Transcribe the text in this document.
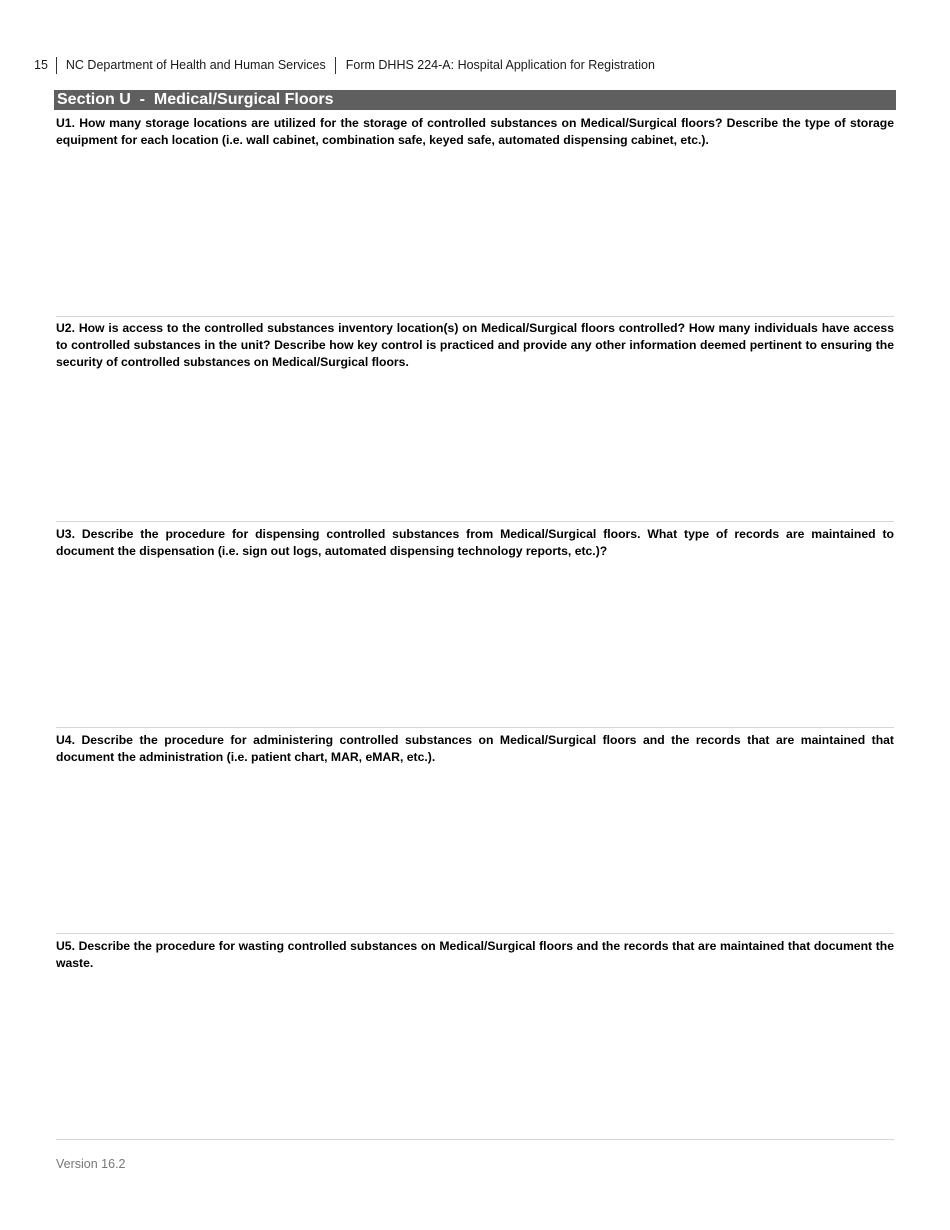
15 NC Department of Health and Human Services Form DHHS 224-A: Hospital Application for Registration
Section U  -  Medical/Surgical Floors
U1. How many storage locations are utilized for the storage of controlled substances on Medical/Surgical floors? Describe the type of storage equipment for each location (i.e. wall cabinet, combination safe, keyed safe, automated dispensing cabinet, etc.).
U2. How is access to the controlled substances inventory location(s) on Medical/Surgical floors controlled? How many individuals have access to controlled substances in the unit? Describe how key control is practiced and provide any other information deemed pertinent to ensuring the security of controlled substances on Medical/Surgical floors.
U3. Describe the procedure for dispensing controlled substances from Medical/Surgical floors. What type of records are maintained to document the dispensation (i.e. sign out logs, automated dispensing technology reports, etc.)?
U4. Describe the procedure for administering controlled substances on Medical/Surgical floors and the records that are maintained that document the administration (i.e. patient chart, MAR, eMAR, etc.).
U5. Describe the procedure for wasting controlled substances on Medical/Surgical floors and the records that are maintained that document the waste.
Version 16.2
